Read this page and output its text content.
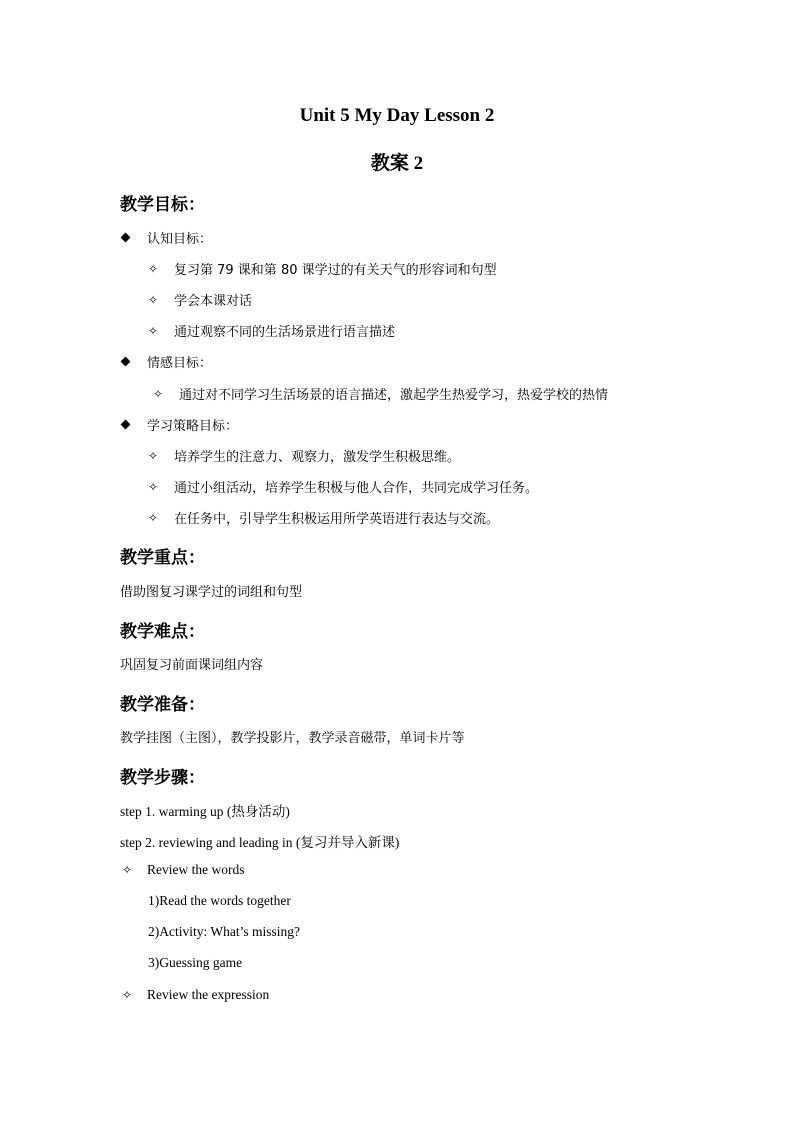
Unit 5 My Day Lesson 2
教案 2
教学目标：
认知目标：
✧ 复习第 79 课和第 80 课学过的有关天气的形容词和句型
✧ 学会本课对话
✧ 通过观察不同的生活场景进行语言描述
情感目标：
✧ 通过对不同学习生活场景的语言描述，激起学生热爱学习，热爱学校的热情
学习策略目标：
✧ 培养学生的注意力、观察力，激发学生积极思维。
✧ 通过小组活动，培养学生积极与他人合作，共同完成学习任务。
✧ 在任务中，引导学生积极运用所学英语进行表达与交流。
教学重点：
借助图复习课学过的词组和句型
教学难点：
巩固复习前面课词组内容
教学准备：
教学挂图（主图），教学投影片，教学录音磁带，单词卡片等
教学步骤：
step 1. warming up (热身活动)
step 2. reviewing and leading in (复习并导入新课)
✧ Review the words
1)Read the words together
2)Activity: What’s missing?
3)Guessing game
✧ Review the expression
